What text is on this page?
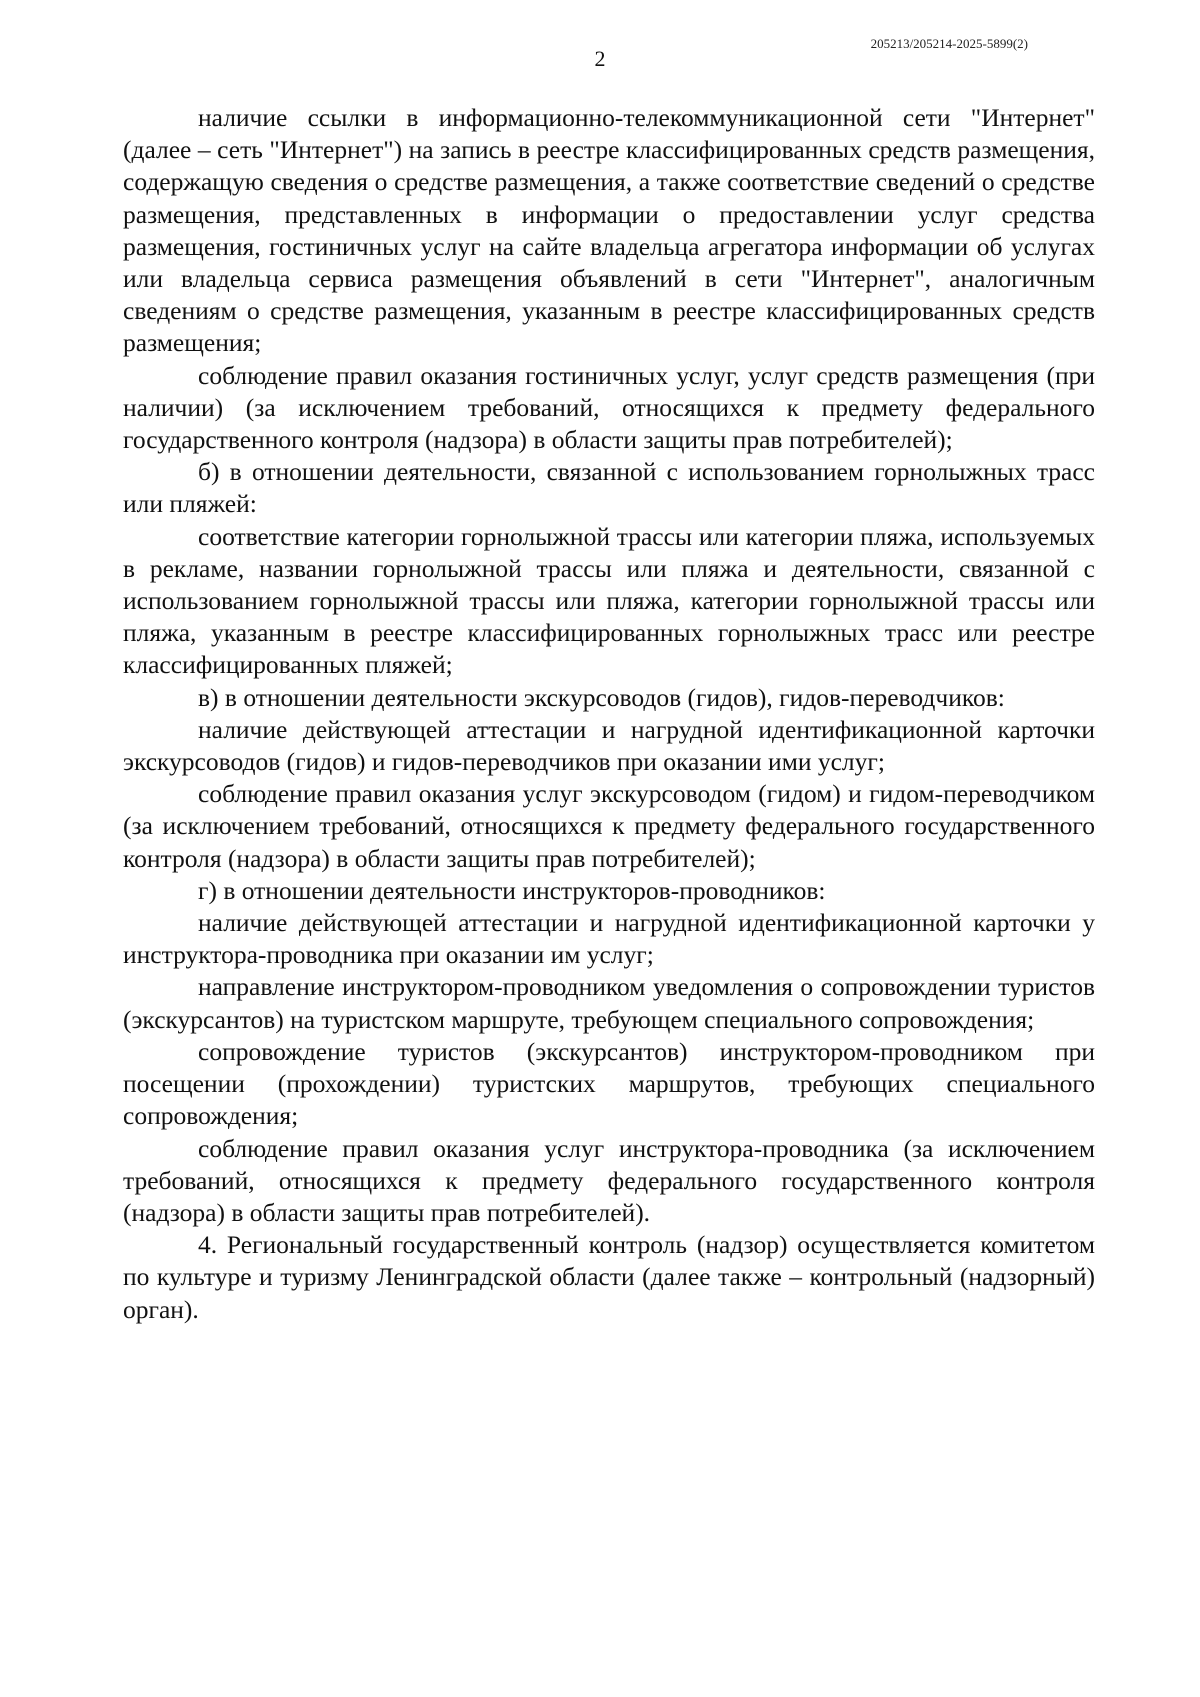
205213/205214-2025-5899(2)
2

наличие ссылки в информационно-телекоммуникационной сети "Интернет" (далее – сеть "Интернет") на запись в реестре классифицированных средств размещения, содержащую сведения о средстве размещения, а также соответствие сведений о средстве размещения, представленных в информации о предоставлении услуг средства размещения, гостиничных услуг на сайте владельца агрегатора информации об услугах или владельца сервиса размещения объявлений в сети "Интернет", аналогичным сведениям о средстве размещения, указанным в реестре классифицированных средств размещения;

соблюдение правил оказания гостиничных услуг, услуг средств размещения (при наличии) (за исключением требований, относящихся к предмету федерального государственного контроля (надзора) в области защиты прав потребителей);

б) в отношении деятельности, связанной с использованием горнолыжных трасс или пляжей:

соответствие категории горнолыжной трассы или категории пляжа, используемых в рекламе, названии горнолыжной трассы или пляжа и деятельности, связанной с использованием горнолыжной трассы или пляжа, категории горнолыжной трассы или пляжа, указанным в реестре классифицированных горнолыжных трасс или реестре классифицированных пляжей;

в) в отношении деятельности экскурсоводов (гидов), гидов-переводчиков:

наличие действующей аттестации и нагрудной идентификационной карточки экскурсоводов (гидов) и гидов-переводчиков при оказании ими услуг;

соблюдение правил оказания услуг экскурсоводом (гидом) и гидом-переводчиком (за исключением требований, относящихся к предмету федерального государственного контроля (надзора) в области защиты прав потребителей);

г) в отношении деятельности инструкторов-проводников:

наличие действующей аттестации и нагрудной идентификационной карточки у инструктора-проводника при оказании им услуг;

направление инструктором-проводником уведомления о сопровождении туристов (экскурсантов) на туристском маршруте, требующем специального сопровождения;

сопровождение туристов (экскурсантов) инструктором-проводником при посещении (прохождении) туристских маршрутов, требующих специального сопровождения;

соблюдение правил оказания услуг инструктора-проводника (за исключением требований, относящихся к предмету федерального государственного контроля (надзора) в области защиты прав потребителей).

4. Региональный государственный контроль (надзор) осуществляется комитетом по культуре и туризму Ленинградской области (далее также – контрольный (надзорный) орган).
